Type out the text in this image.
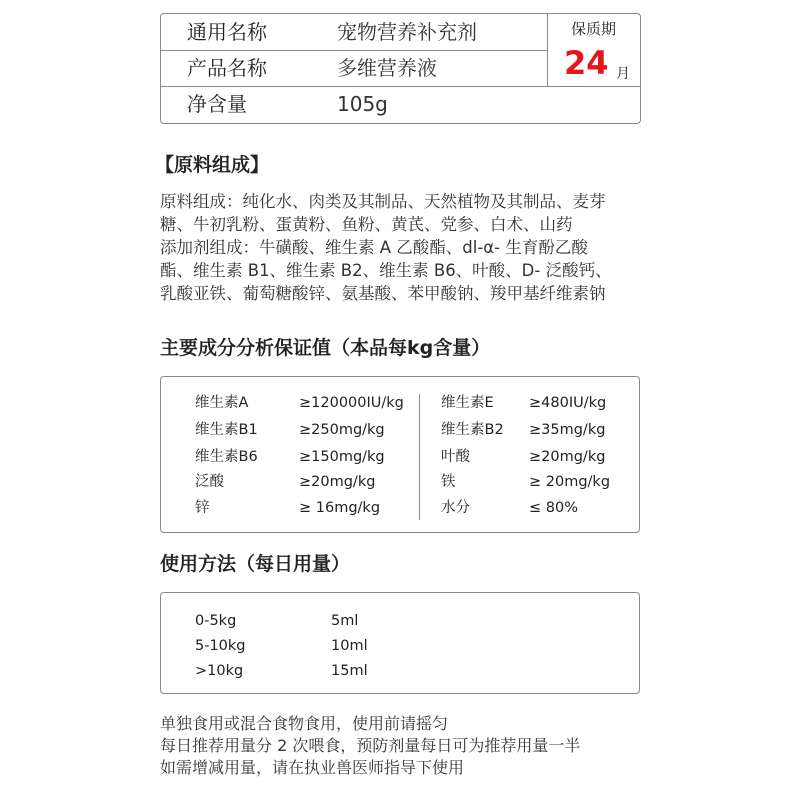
通用名称	宠物营养补充剂
产品名称	多维营养液
净含量	105g
保质期
24 月
【原料组成】
原料组成：纯化水、肉类及其制品、天然植物及其制品、麦芽
糖、牛初乳粉、蛋黄粉、鱼粉、黄芪、党参、白术、山药
添加剂组成：牛磺酸、维生素 A 乙酸酯、dl-α- 生育酚乙酸
酯、维生素 B1、维生素 B2、维生素 B6、叶酸、D- 泛酸钙、
乳酸亚铁、葡萄糖酸锌、氨基酸、苯甲酸钠、羧甲基纤维素钠
主要成分分析保证值（本品每kg含量）
维生素A	≥120000IU/kg
维生素B1	≥250mg/kg
维生素B6	≥150mg/kg
泛酸	≥20mg/kg
锌	≥ 16mg/kg
维生素E ≥480IU/kg
维生素B2 ≥35mg/kg
叶酸	≥20mg/kg
铁	≥ 20mg/kg
水分	≤ 80%
使用方法（每日用量）
0-5kg	5ml
5-10kg	10ml
>10kg	15ml
单独食用或混合食物食用，使用前请摇匀
每日推荐用量分 2 次喂食，预防剂量每日可为推荐用量一半
如需增减用量，请在执业兽医师指导下使用
